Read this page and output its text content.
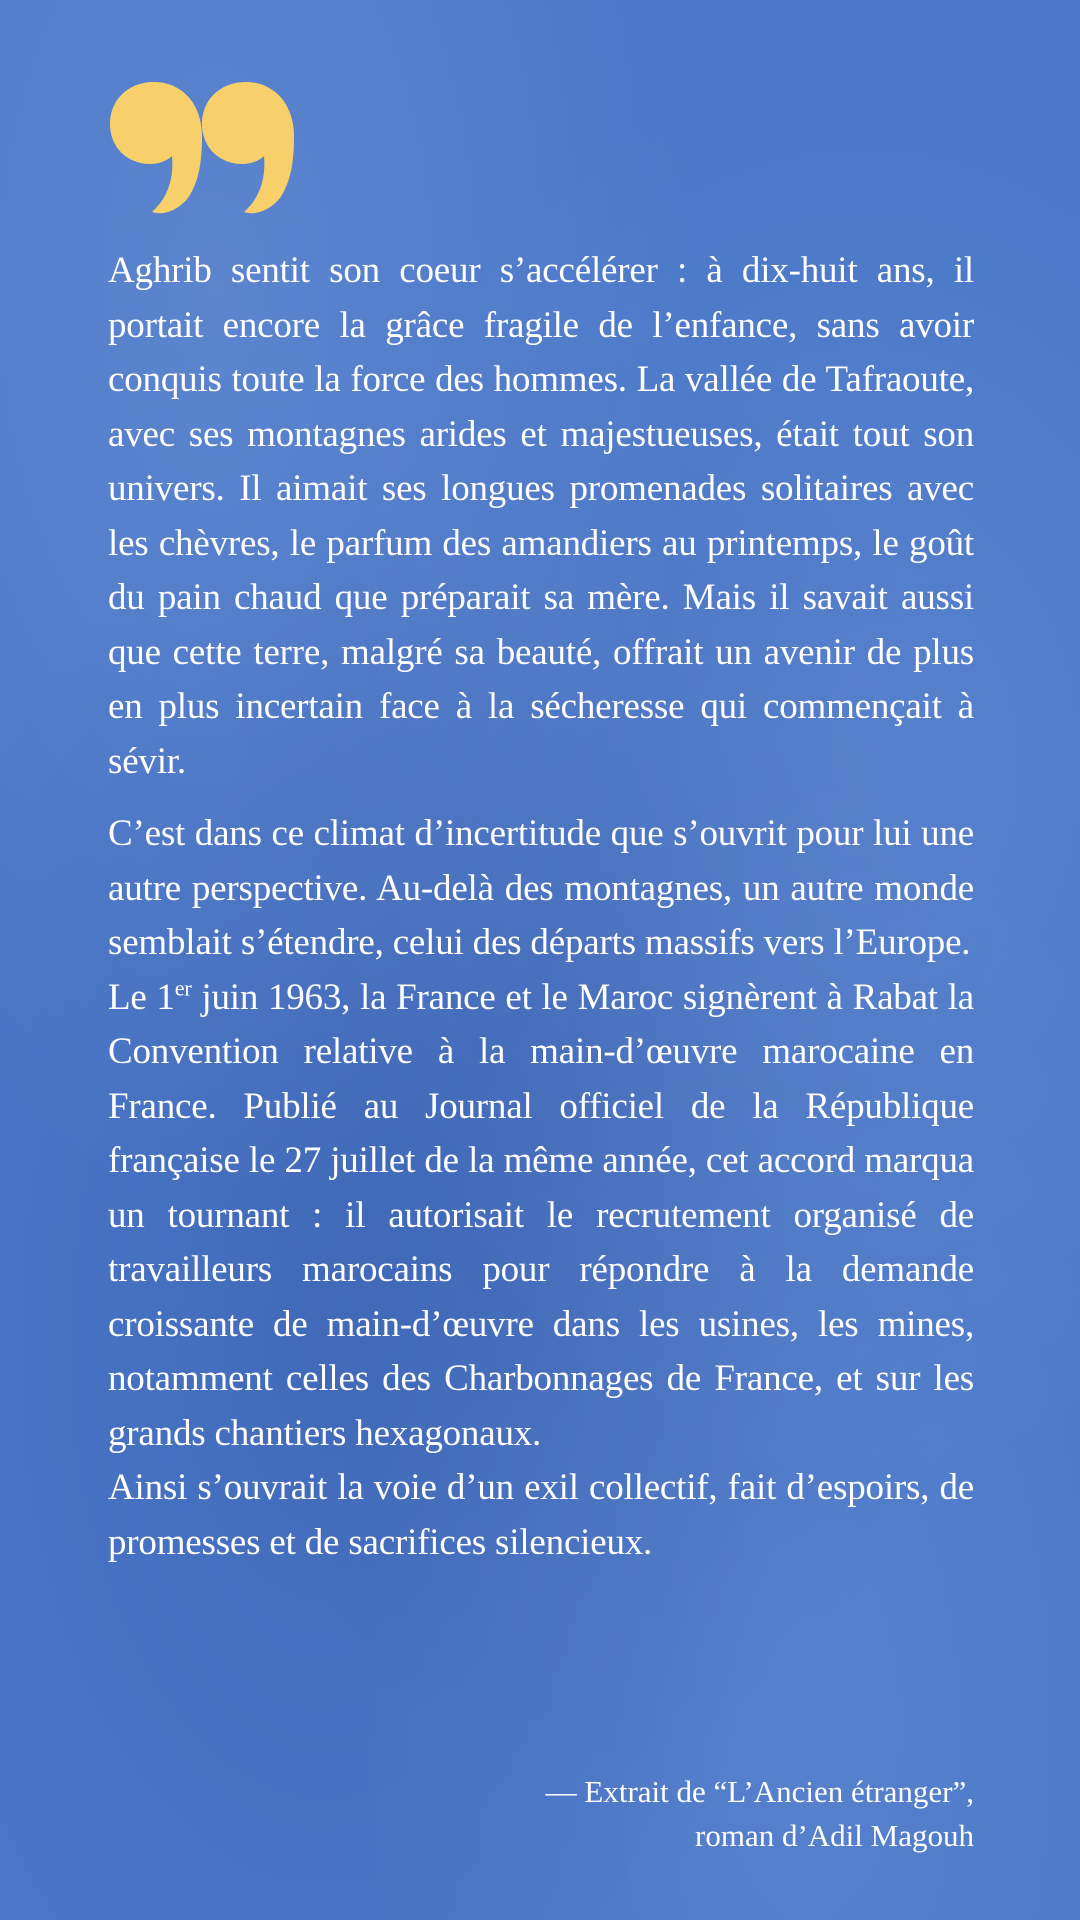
Aghrib sentit son coeur s’accélérer : à dix-huit ans, il portait encore la grâce fragile de l’enfance, sans avoir conquis toute la force des hommes. La vallée de Tafraoute, avec ses montagnes arides et majestueuses, était tout son univers. Il aimait ses longues promenades solitaires avec les chèvres, le parfum des amandiers au printemps, le goût du pain chaud que préparait sa mère. Mais il savait aussi que cette terre, malgré sa beauté, offrait un avenir de plus en plus incertain face à la sécheresse qui commençait à sévir.

C’est dans ce climat d’incertitude que s’ouvrit pour lui une autre perspective. Au-delà des montagnes, un autre monde semblait s’étendre, celui des départs massifs vers l’Europe.

Le 1er juin 1963, la France et le Maroc signèrent à Rabat la Convention relative à la main-d’œuvre marocaine en France. Publié au Journal officiel de la République française le 27 juillet de la même année, cet accord marqua un tournant : il autorisait le recrutement organisé de travailleurs marocains pour répondre à la demande croissante de main-d’œuvre dans les usines, les mines, notamment celles des Charbonnages de France, et sur les grands chantiers hexagonaux.

Ainsi s’ouvrait la voie d’un exil collectif, fait d’espoirs, de promesses et de sacrifices silencieux.

— Extrait de “L’Ancien étranger”,
roman d’Adil Magouh
